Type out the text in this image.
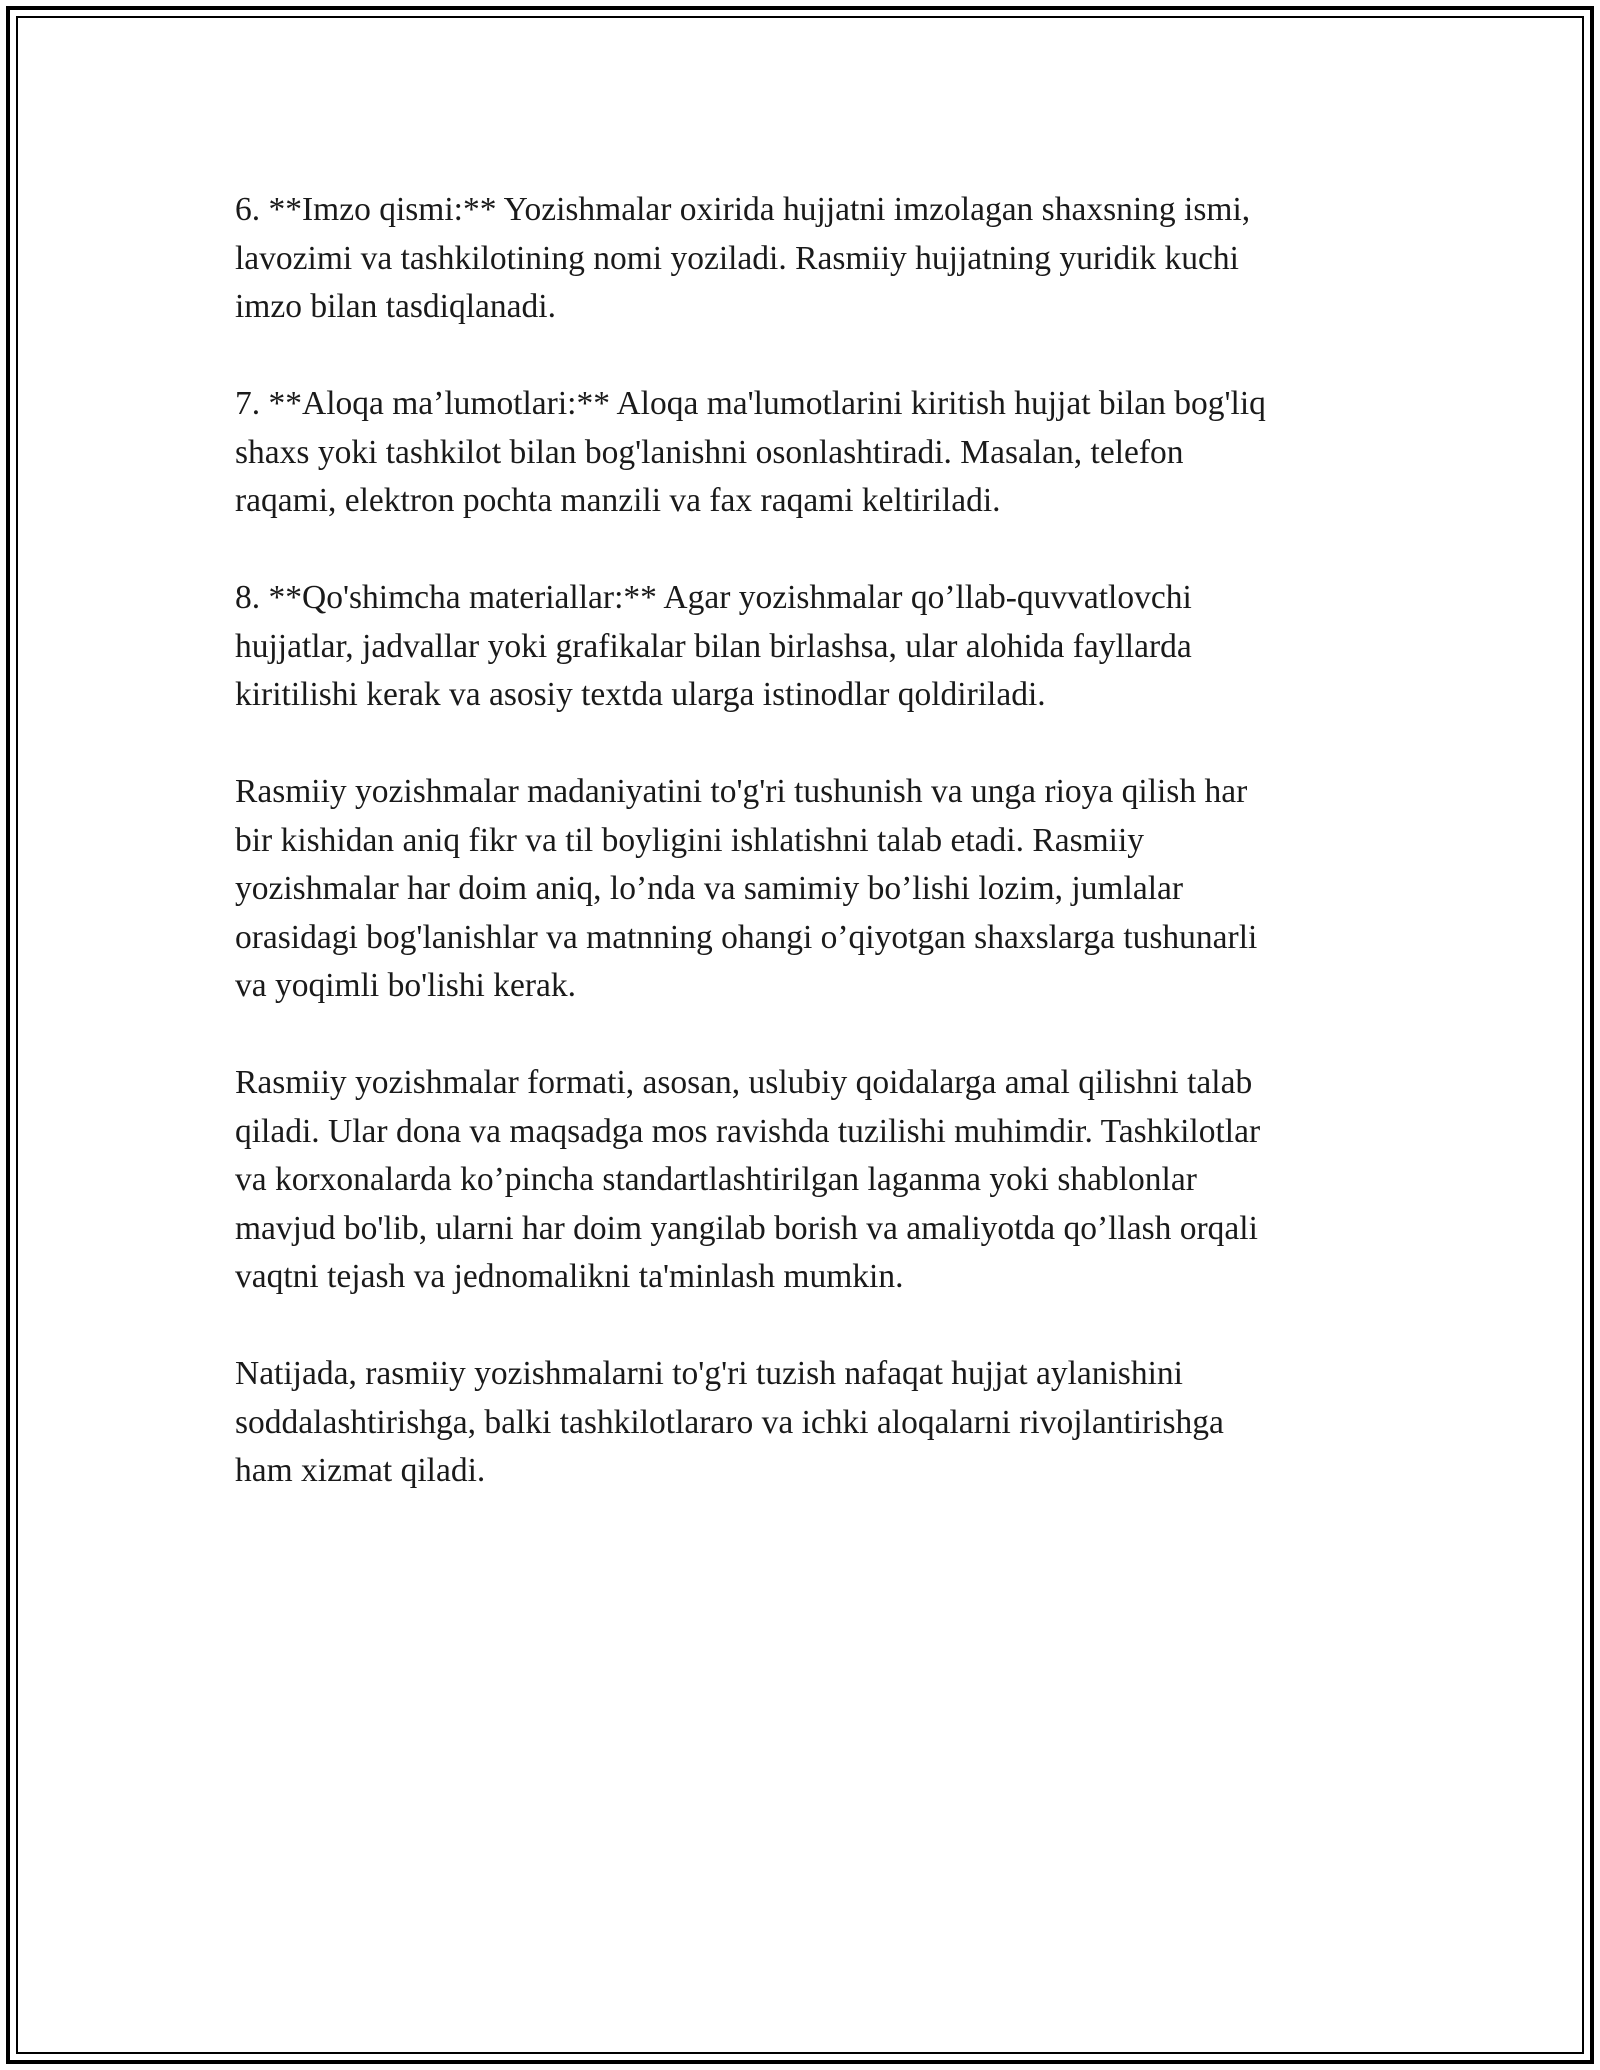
6. **Imzo qismi:** Yozishmalar oxirida hujjatni imzolagan shaxsning ismi,
lavozimi va tashkilotining nomi yoziladi. Rasmiiy hujjatning yuridik kuchi
imzo bilan tasdiqlanadi.

7. **Aloqa ma’lumotlari:** Aloqa ma'lumotlarini kiritish hujjat bilan bog'liq
shaxs yoki tashkilot bilan bog'lanishni osonlashtiradi. Masalan, telefon
raqami, elektron pochta manzili va fax raqami keltiriladi.

8. **Qo'shimcha materiallar:** Agar yozishmalar qo’llab-quvvatlovchi
hujjatlar, jadvallar yoki grafikalar bilan birlashsa, ular alohida fayllarda
kiritilishi kerak va asosiy textda ularga istinodlar qoldiriladi.

Rasmiiy yozishmalar madaniyatini to'g'ri tushunish va unga rioya qilish har
bir kishidan aniq fikr va til boyligini ishlatishni talab etadi. Rasmiiy
yozishmalar har doim aniq, lo’nda va samimiy bo’lishi lozim, jumlalar
orasidagi bog'lanishlar va matnning ohangi o’qiyotgan shaxslarga tushunarli
va yoqimli bo'lishi kerak.

Rasmiiy yozishmalar formati, asosan, uslubiy qoidalarga amal qilishni talab
qiladi. Ular dona va maqsadga mos ravishda tuzilishi muhimdir. Tashkilotlar
va korxonalarda ko’pincha standartlashtirilgan laganma yoki shablonlar
mavjud bo'lib, ularni har doim yangilab borish va amaliyotda qo’llash orqali
vaqtni tejash va jednomalikni ta'minlash mumkin.

Natijada, rasmiiy yozishmalarni to'g'ri tuzish nafaqat hujjat aylanishini
soddalashtirishga, balki tashkilotlararo va ichki aloqalarni rivojlantirishga
ham xizmat qiladi.
